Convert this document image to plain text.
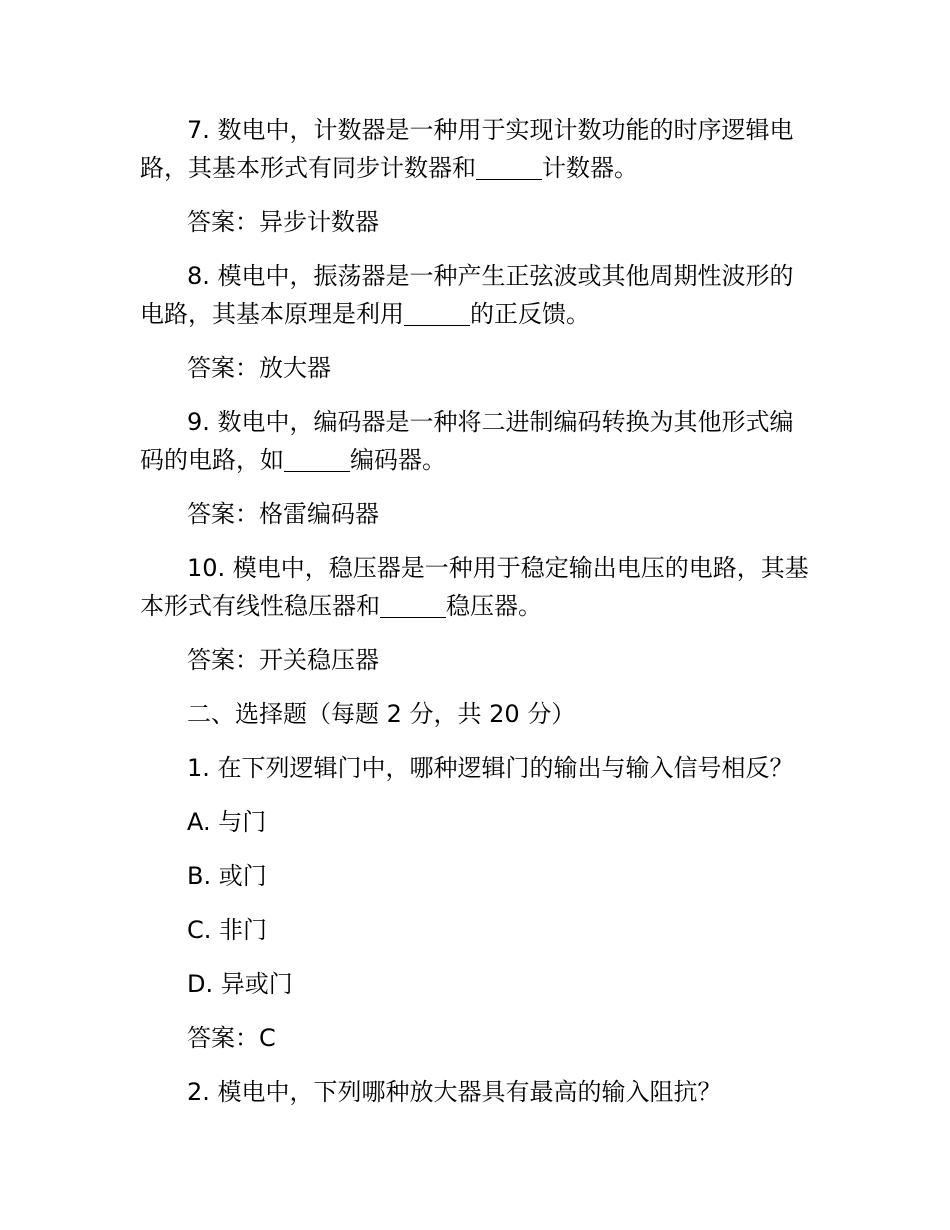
7. 数电中，计数器是一种用于实现计数功能的时序逻辑电路，其基本形式有同步计数器和	计数器。

答案：异步计数器

8. 模电中，振荡器是一种产生正弦波或其他周期性波形的电路，其基本原理是利用	的正反馈。

答案：放大器

9. 数电中，编码器是一种将二进制编码转换为其他形式编码的电路，如	编码器。

答案：格雷编码器

10. 模电中，稳压器是一种用于稳定输出电压的电路，其基本形式有线性稳压器和	稳压器。

答案：开关稳压器

二、选择题（每题 2 分，共 20 分）

1. 在下列逻辑门中，哪种逻辑门的输出与输入信号相反？

A. 与门

B. 或门

C. 非门

D. 异或门

答案：C

2. 模电中，下列哪种放大器具有最高的输入阻抗？
